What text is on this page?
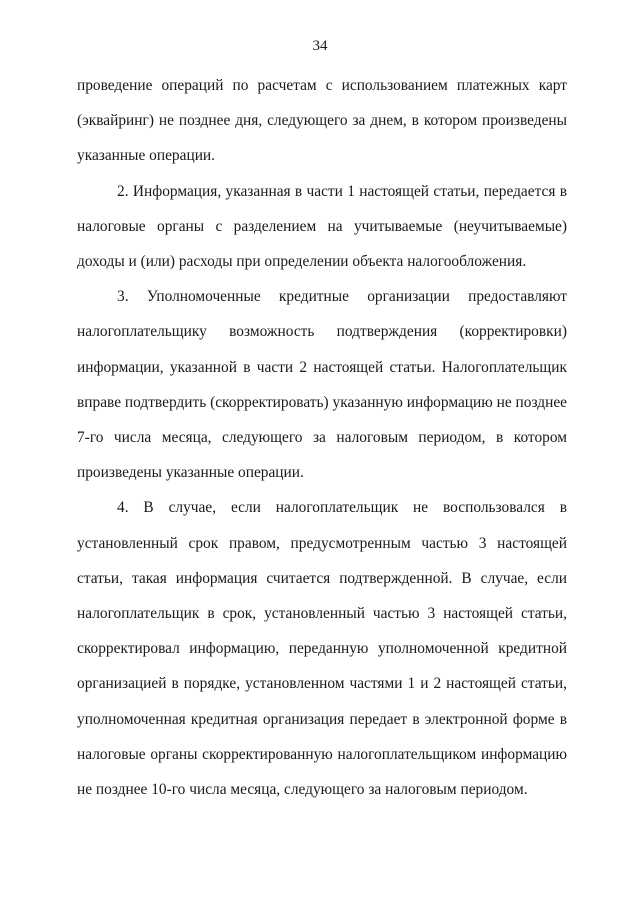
34

проведение операций по расчетам с использованием платежных карт (эквайринг) не позднее дня, следующего за днем, в котором произведены указанные операции.

2. Информация, указанная в части 1 настоящей статьи, передается в налоговые органы с разделением на учитываемые (неучитываемые) доходы и (или) расходы при определении объекта налогообложения.

3. Уполномоченные кредитные организации предоставляют налогоплательщику возможность подтверждения (корректировки) информации, указанной в части 2 настоящей статьи. Налогоплательщик вправе подтвердить (скорректировать) указанную информацию не позднее 7-го числа месяца, следующего за налоговым периодом, в котором произведены указанные операции.

4. В случае, если налогоплательщик не воспользовался в установленный срок правом, предусмотренным частью 3 настоящей статьи, такая информация считается подтвержденной. В случае, если налогоплательщик в срок, установленный частью 3 настоящей статьи, скорректировал информацию, переданную уполномоченной кредитной организацией в порядке, установленном частями 1 и 2 настоящей статьи, уполномоченная кредитная организация передает в электронной форме в налоговые органы скорректированную налогоплательщиком информацию не позднее 10-го числа месяца, следующего за налоговым периодом.
